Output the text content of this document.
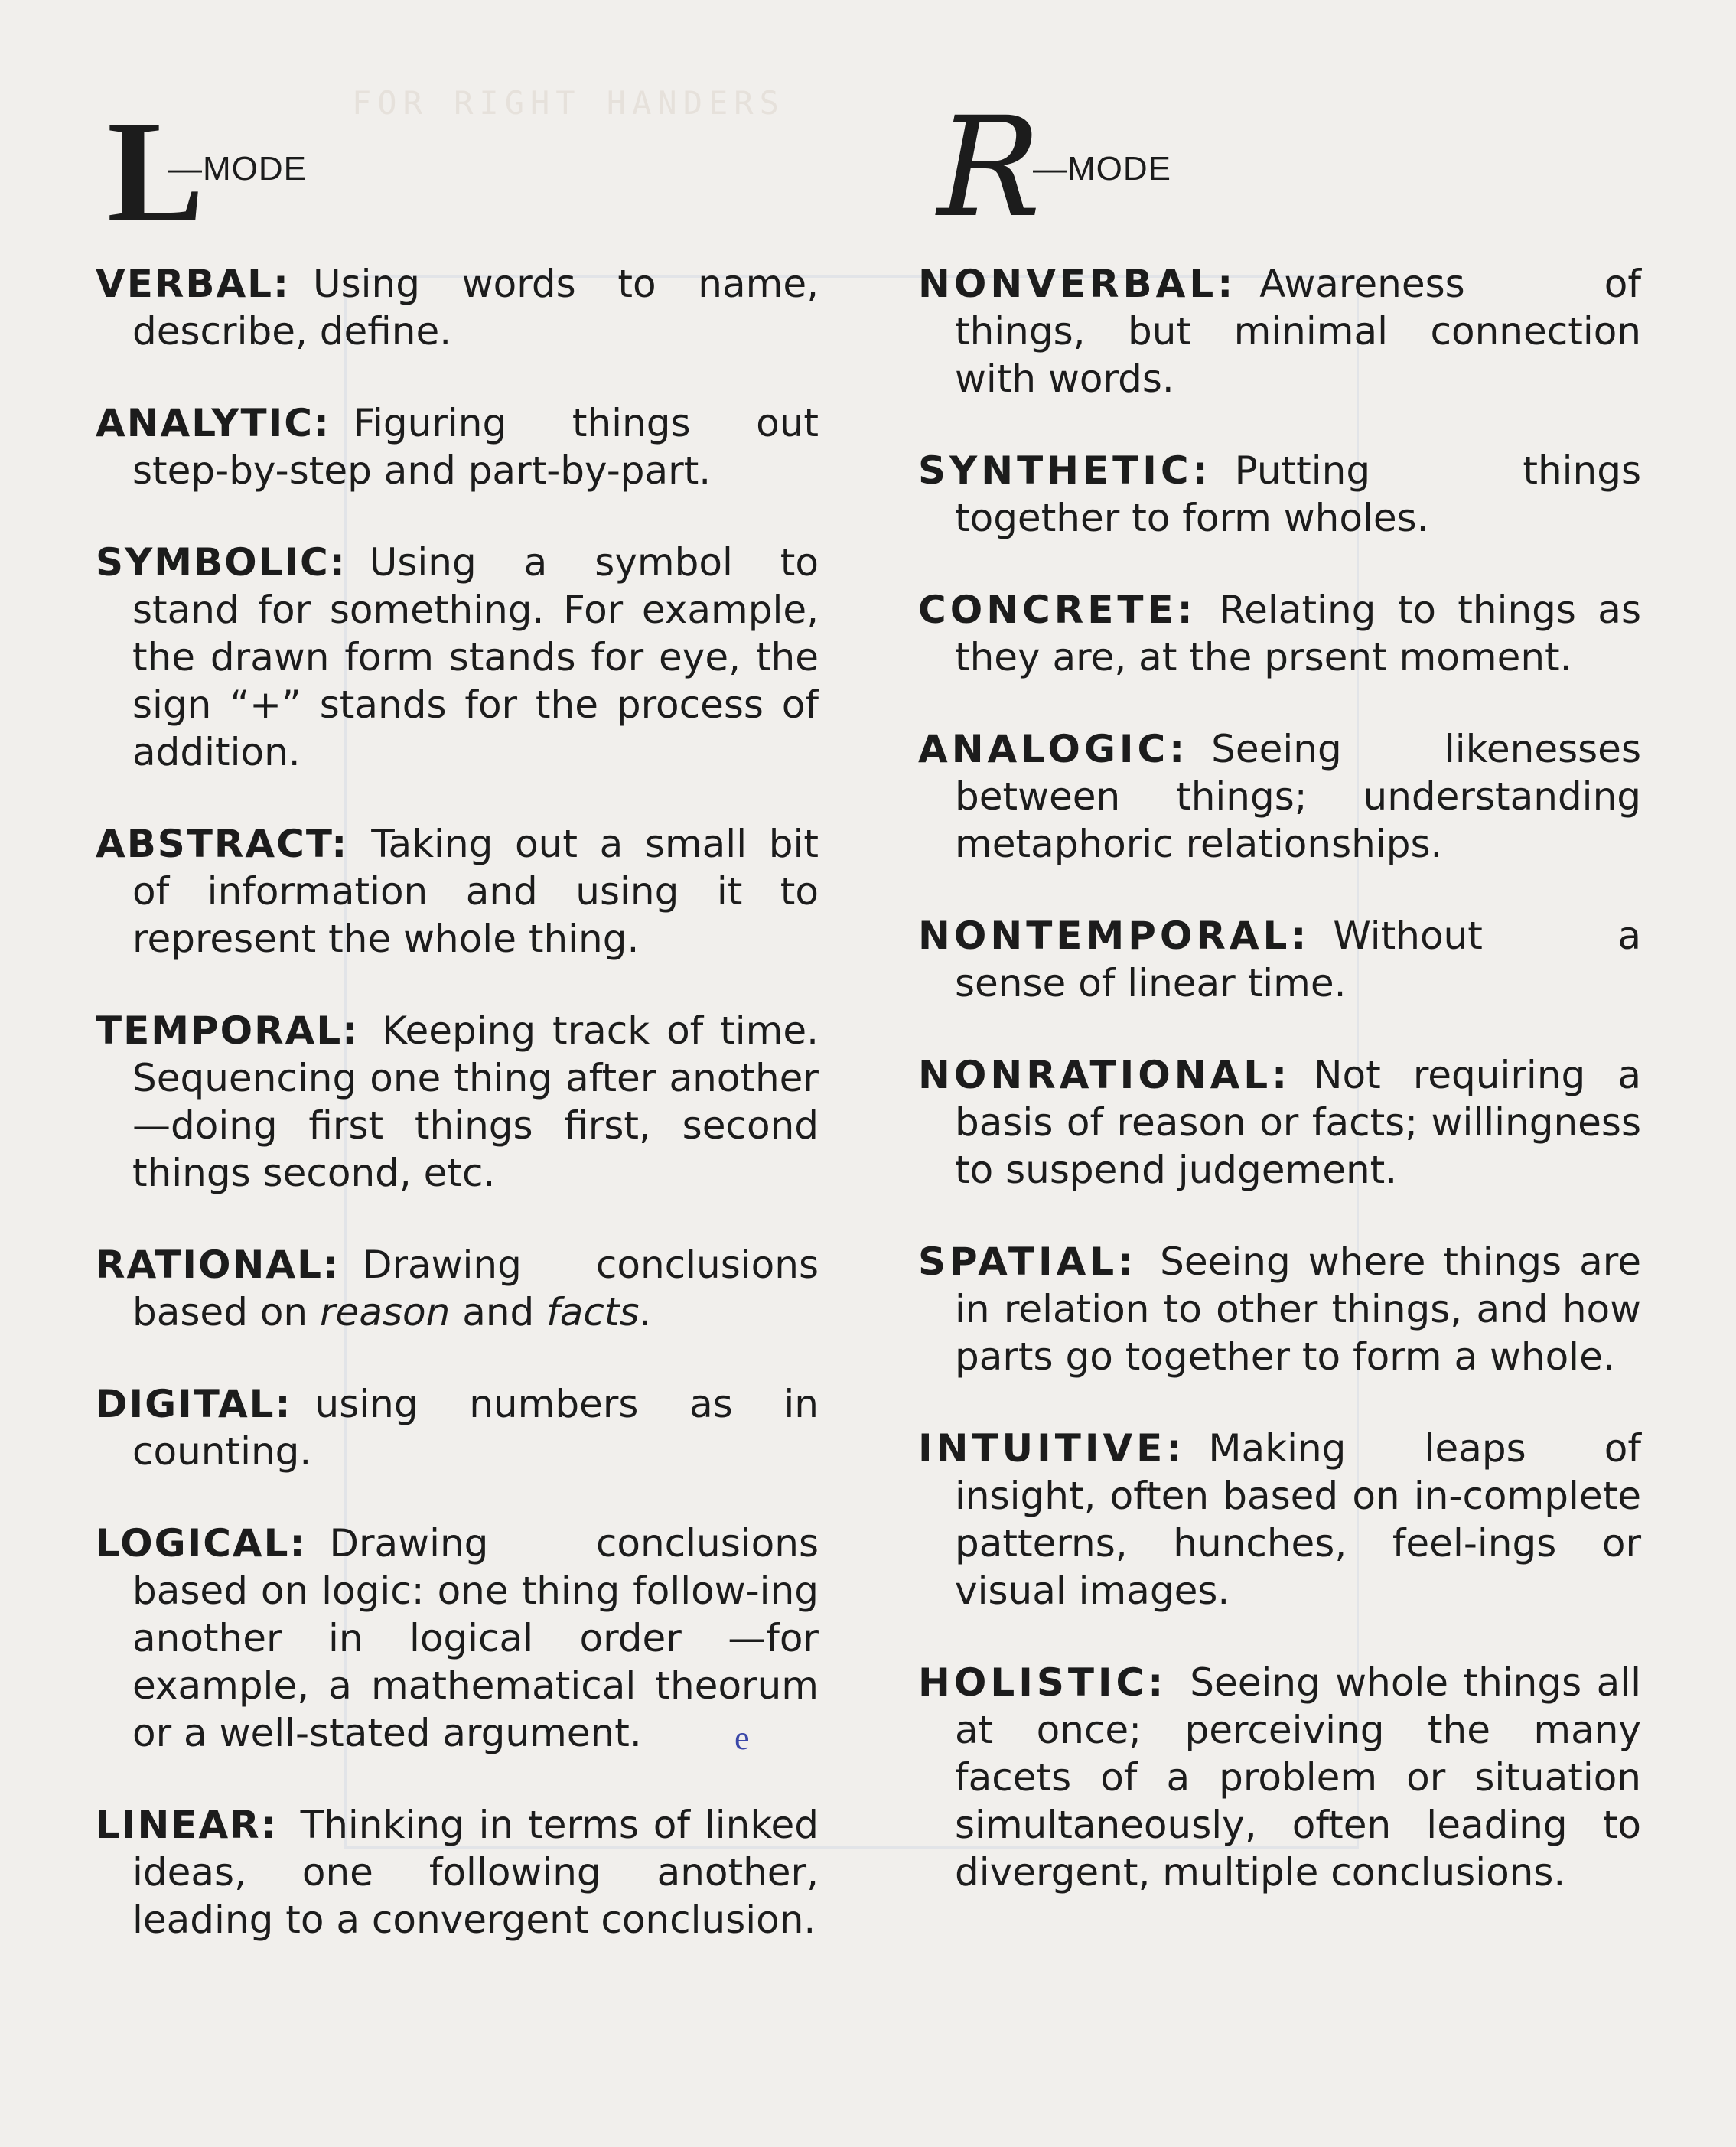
FOR RIGHT HANDERS
L
—MODE

VERBAL: Using words to name, describe, define.

ANALYTIC: Figuring things out step-by-step and part-by-part.

SYMBOLIC: Using a symbol to stand for something. For example, the drawn form stands for eye, the sign “+” stands for the process of addition.

ABSTRACT: Taking out a small bit of information and using it to represent the whole thing.

TEMPORAL: Keeping track of time. Sequencing one thing after another —doing first things first, second things second, etc.

RATIONAL: Drawing conclusions based on reason and facts.

DIGITAL: using numbers as in counting.

LOGICAL: Drawing conclusions based on logic: one thing follow-ing another in logical order —for example, a mathematical theorum or a well-stated argument.

LINEAR: Thinking in terms of linked ideas, one following another, leading to a convergent conclusion.

R
—MODE

NONVERBAL: Awareness of things, but minimal connection with words.

SYNTHETIC: Putting things together to form wholes.

CONCRETE: Relating to things as they are, at the prsent moment.

ANALOGIC: Seeing likenesses between things; understanding metaphoric relationships.

NONTEMPORAL: Without a sense of linear time.

NONRATIONAL: Not requiring a basis of reason or facts; willingness to suspend judgement.

SPATIAL: Seeing where things are in relation to other things, and how parts go together to form a whole.

INTUITIVE: Making leaps of insight, often based on in-complete patterns, hunches, feel-ings or visual images.

HOLISTIC: Seeing whole things all at once; perceiving the many facets of a problem or situation simultaneously, often leading to divergent, multiple conclusions.

e
